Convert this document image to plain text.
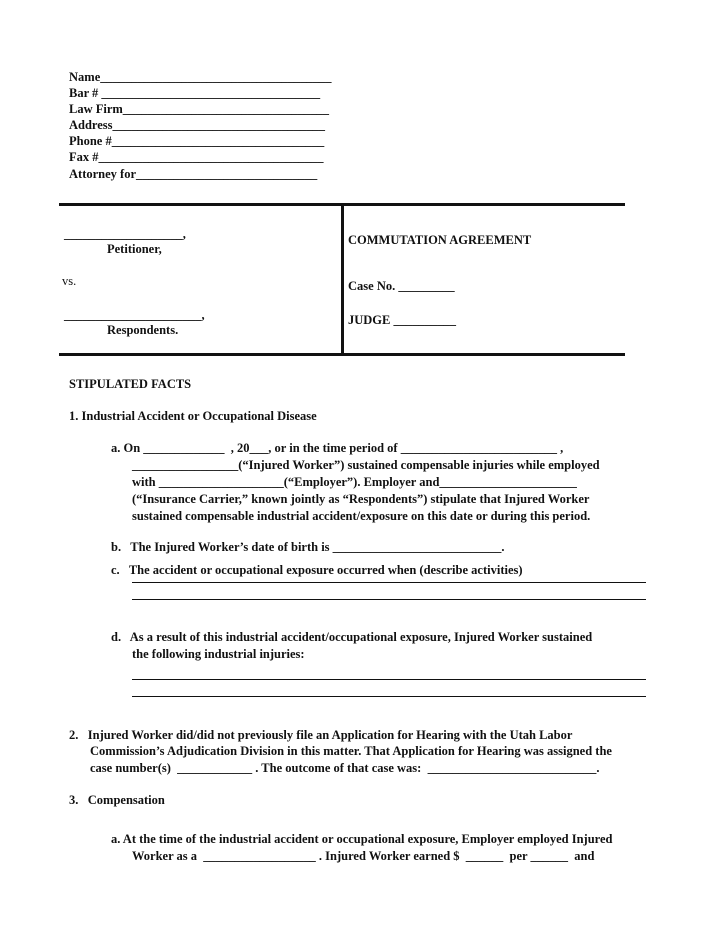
Name_____________________________________
Bar # ___________________________________
Law Firm_________________________________
Address__________________________________
Phone #__________________________________
Fax #____________________________________
Attorney for_____________________________
___________________,
Petitioner,
vs.
______________________,
Respondents.
COMMUTATION AGREEMENT
Case No. _________
JUDGE __________
STIPULATED FACTS
1. Industrial Accident or Occupational Disease
a. On _____________  , 20___, or in the time period of _________________________ ,
_________________(“Injured Worker”) sustained compensable injuries while employed
with ____________________(“Employer”). Employer and______________________
(“Insurance Carrier,” known jointly as “Respondents”) stipulate that Injured Worker
sustained compensable industrial accident/exposure on this date or during this period.
b.   The Injured Worker’s date of birth is ___________________________.
c.   The accident or occupational exposure occurred when (describe activities)
d.   As a result of this industrial accident/occupational exposure, Injured Worker sustained
the following industrial injuries:
2.   Injured Worker did/did not previously file an Application for Hearing with the Utah Labor
Commission’s Adjudication Division in this matter. That Application for Hearing was assigned the
case number(s)  ____________ . The outcome of that case was:  ___________________________.
3.   Compensation
a. At the time of the industrial accident or occupational exposure, Employer employed Injured
Worker as a  __________________ . Injured Worker earned $  ______  per ______  and
